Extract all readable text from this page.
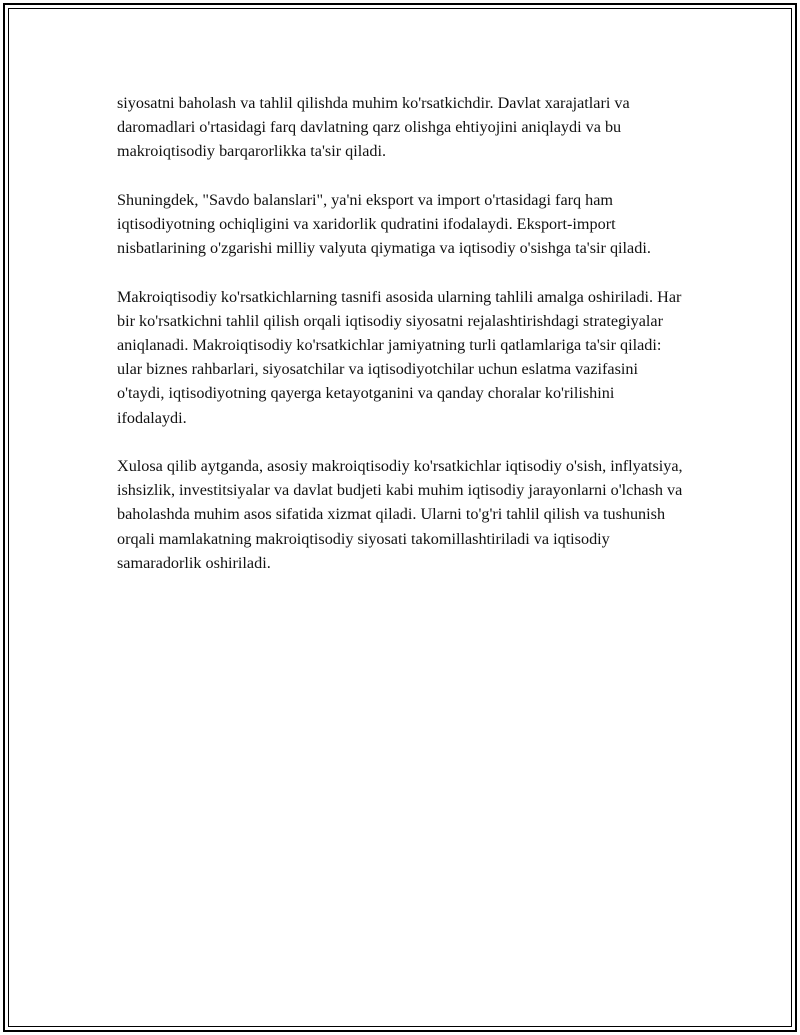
siyosatni baholash va tahlil qilishda muhim ko'rsatkichdir. Davlat xarajatlari va daromadlari o'rtasidagi farq davlatning qarz olishga ehtiyojini aniqlaydi va bu makroiqtisodiy barqarorlikka ta'sir qiladi.

Shuningdek, "Savdo balanslari", ya'ni eksport va import o'rtasidagi farq ham iqtisodiyotning ochiqligini va xaridorlik qudratini ifodalaydi. Eksport-import nisbatlarining o'zgarishi milliy valyuta qiymatiga va iqtisodiy o'sishga ta'sir qiladi.

Makroiqtisodiy ko'rsatkichlarning tasnifi asosida ularning tahlili amalga oshiriladi. Har bir ko'rsatkichni tahlil qilish orqali iqtisodiy siyosatni rejalashtirishdagi strategiyalar aniqlanadi. Makroiqtisodiy ko'rsatkichlar jamiyatning turli qatlamlariga ta'sir qiladi: ular biznes rahbarlari, siyosatchilar va iqtisodiyotchilar uchun eslatma vazifasini o'taydi, iqtisodiyotning qayerga ketayotganini va qanday choralar ko'rilishini ifodalaydi.

Xulosa qilib aytganda, asosiy makroiqtisodiy ko'rsatkichlar iqtisodiy o'sish, inflyatsiya, ishsizlik, investitsiyalar va davlat budjeti kabi muhim iqtisodiy jarayonlarni o'lchash va baholashda muhim asos sifatida xizmat qiladi. Ularni to'g'ri tahlil qilish va tushunish orqali mamlakatning makroiqtisodiy siyosati takomillashtiriladi va iqtisodiy samaradorlik oshiriladi.
